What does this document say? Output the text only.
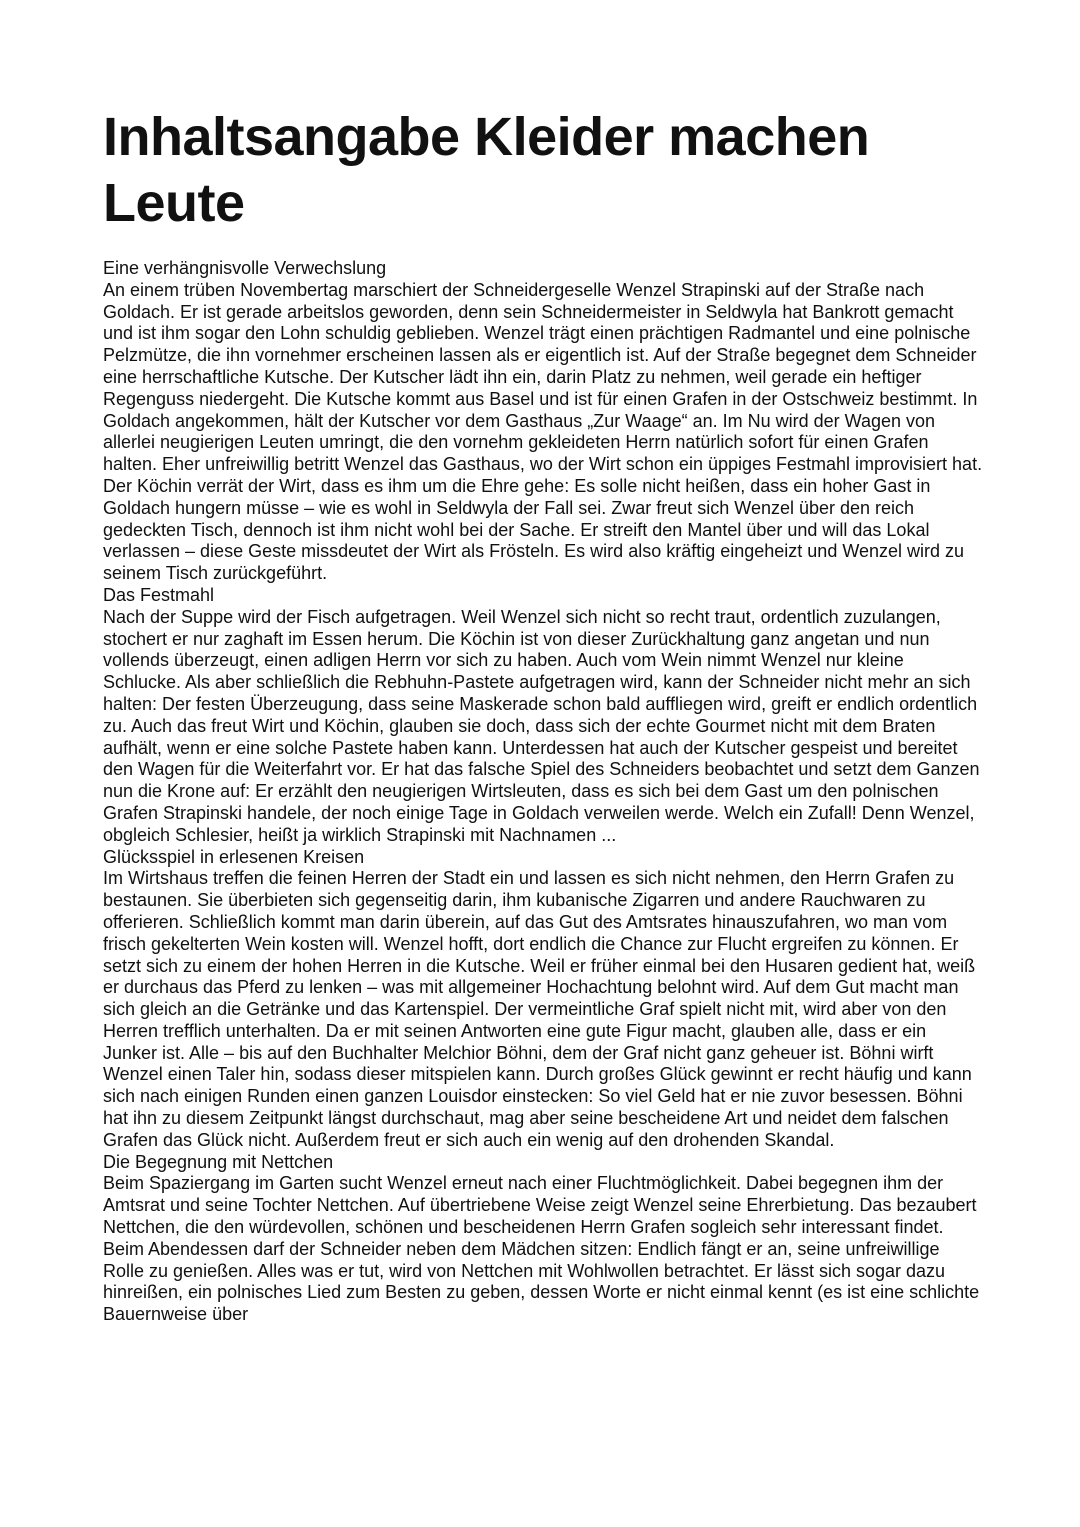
Inhaltsangabe Kleider machen Leute

Eine verhängnisvolle Verwechslung

An einem trüben Novembertag marschiert der Schneidergeselle Wenzel Strapinski auf der Straße nach Goldach. Er ist gerade arbeitslos geworden, denn sein Schneidermeister in Seldwyla hat Bankrott gemacht und ist ihm sogar den Lohn schuldig geblieben. Wenzel trägt einen prächtigen Radmantel und eine polnische Pelzmütze, die ihn vornehmer erscheinen lassen als er eigentlich ist. Auf der Straße begegnet dem Schneider eine herrschaftliche Kutsche. Der Kutscher lädt ihn ein, darin Platz zu nehmen, weil gerade ein heftiger Regenguss niedergeht. Die Kutsche kommt aus Basel und ist für einen Grafen in der Ostschweiz bestimmt. In Goldach angekommen, hält der Kutscher vor dem Gasthaus „Zur Waage“ an. Im Nu wird der Wagen von allerlei neugierigen Leuten umringt, die den vornehm gekleideten Herrn natürlich sofort für einen Grafen halten. Eher unfreiwillig betritt Wenzel das Gasthaus, wo der Wirt schon ein üppiges Festmahl improvisiert hat. Der Köchin verrät der Wirt, dass es ihm um die Ehre gehe: Es solle nicht heißen, dass ein hoher Gast in Goldach hungern müsse – wie es wohl in Seldwyla der Fall sei. Zwar freut sich Wenzel über den reich gedeckten Tisch, dennoch ist ihm nicht wohl bei der Sache. Er streift den Mantel über und will das Lokal verlassen – diese Geste missdeutet der Wirt als Frösteln. Es wird also kräftig eingeheizt und Wenzel wird zu seinem Tisch zurückgeführt.

Das Festmahl

Nach der Suppe wird der Fisch aufgetragen. Weil Wenzel sich nicht so recht traut, ordentlich zuzulangen, stochert er nur zaghaft im Essen herum. Die Köchin ist von dieser Zurückhaltung ganz angetan und nun vollends überzeugt, einen adligen Herrn vor sich zu haben. Auch vom Wein nimmt Wenzel nur kleine Schlucke. Als aber schließlich die Rebhuhn-Pastete aufgetragen wird, kann der Schneider nicht mehr an sich halten: Der festen Überzeugung, dass seine Maskerade schon bald auffliegen wird, greift er endlich ordentlich zu. Auch das freut Wirt und Köchin, glauben sie doch, dass sich der echte Gourmet nicht mit dem Braten aufhält, wenn er eine solche Pastete haben kann. Unterdessen hat auch der Kutscher gespeist und bereitet den Wagen für die Weiterfahrt vor. Er hat das falsche Spiel des Schneiders beobachtet und setzt dem Ganzen nun die Krone auf: Er erzählt den neugierigen Wirtsleuten, dass es sich bei dem Gast um den polnischen Grafen Strapinski handele, der noch einige Tage in Goldach verweilen werde. Welch ein Zufall! Denn Wenzel, obgleich Schlesier, heißt ja wirklich Strapinski mit Nachnamen ...

Glücksspiel in erlesenen Kreisen

Im Wirtshaus treffen die feinen Herren der Stadt ein und lassen es sich nicht nehmen, den Herrn Grafen zu bestaunen. Sie überbieten sich gegenseitig darin, ihm kubanische Zigarren und andere Rauchwaren zu offerieren. Schließlich kommt man darin überein, auf das Gut des Amtsrates hinauszufahren, wo man vom frisch gekelterten Wein kosten will. Wenzel hofft, dort endlich die Chance zur Flucht ergreifen zu können. Er setzt sich zu einem der hohen Herren in die Kutsche. Weil er früher einmal bei den Husaren gedient hat, weiß er durchaus das Pferd zu lenken – was mit allgemeiner Hochachtung belohnt wird. Auf dem Gut macht man sich gleich an die Getränke und das Kartenspiel. Der vermeintliche Graf spielt nicht mit, wird aber von den Herren trefflich unterhalten. Da er mit seinen Antworten eine gute Figur macht, glauben alle, dass er ein Junker ist. Alle – bis auf den Buchhalter Melchior Böhni, dem der Graf nicht ganz geheuer ist. Böhni wirft Wenzel einen Taler hin, sodass dieser mitspielen kann. Durch großes Glück gewinnt er recht häufig und kann sich nach einigen Runden einen ganzen Louisdor einstecken: So viel Geld hat er nie zuvor besessen. Böhni hat ihn zu diesem Zeitpunkt längst durchschaut, mag aber seine bescheidene Art und neidet dem falschen Grafen das Glück nicht. Außerdem freut er sich auch ein wenig auf den drohenden Skandal.

Die Begegnung mit Nettchen

Beim Spaziergang im Garten sucht Wenzel erneut nach einer Fluchtmöglichkeit. Dabei begegnen ihm der Amtsrat und seine Tochter Nettchen. Auf übertriebene Weise zeigt Wenzel seine Ehrerbietung. Das bezaubert Nettchen, die den würdevollen, schönen und bescheidenen Herrn Grafen sogleich sehr interessant findet. Beim Abendessen darf der Schneider neben dem Mädchen sitzen: Endlich fängt er an, seine unfreiwillige Rolle zu genießen. Alles was er tut, wird von Nettchen mit Wohlwollen betrachtet. Er lässt sich sogar dazu hinreißen, ein polnisches Lied zum Besten zu geben, dessen Worte er nicht einmal kennt (es ist eine schlichte Bauernweise über
